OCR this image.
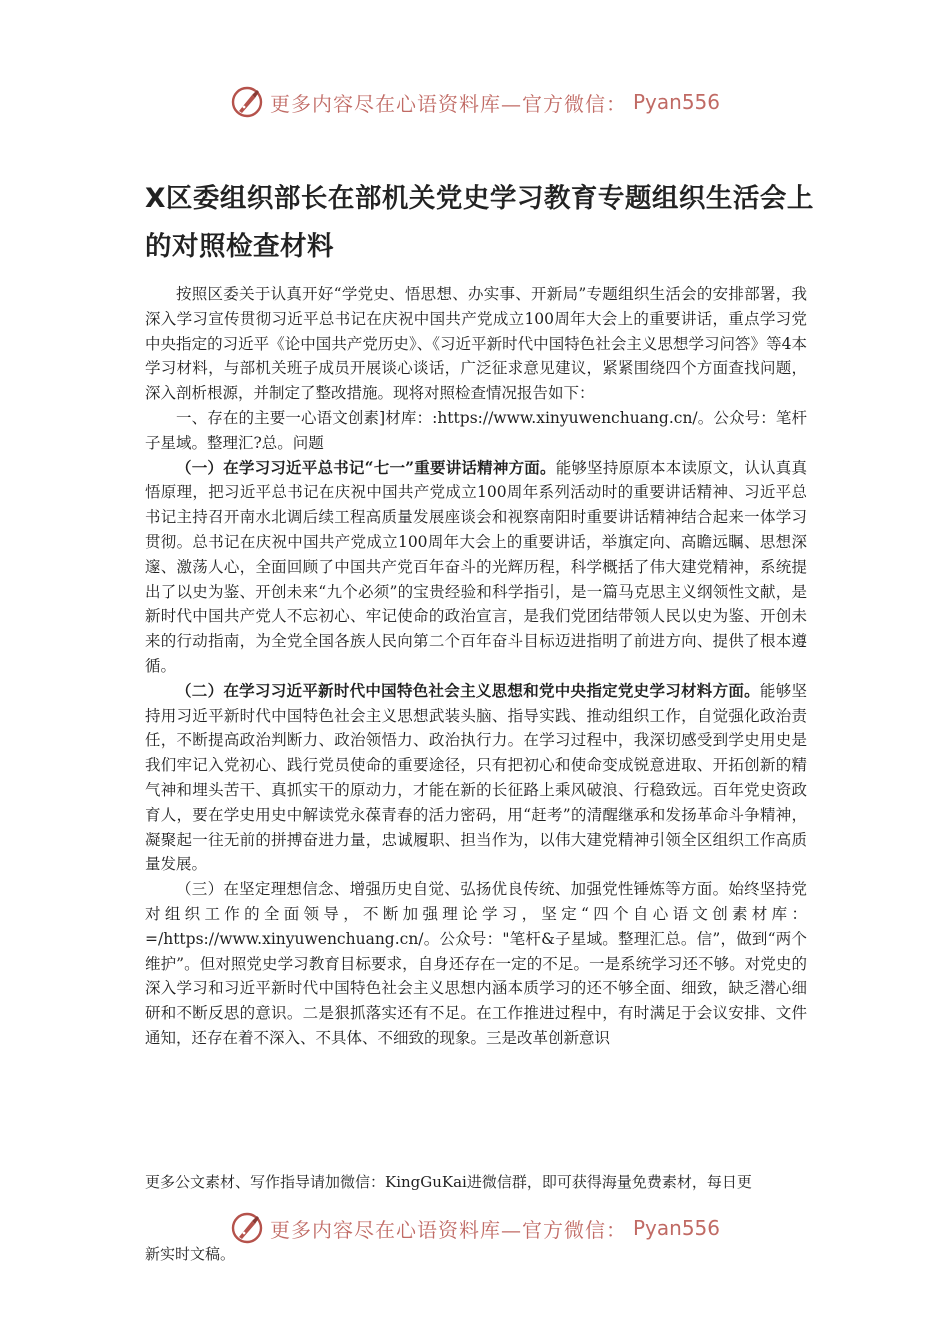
更多内容尽在心语资料库—官方微信： Pyan556
X区委组织部长在部机关党史学习教育专题组织生活会上的对照检查材料

按照区委关于认真开好“学党史、悟思想、办实事、开新局”专题组织生活会的安排部署，我深入学习宣传贯彻习近平总书记在庆祝中国共产党成立100周年大会上的重要讲话，重点学习党中央指定的习近平《论中国共产党历史》、《习近平新时代中国特色社会主义思想学习问答》等4本学习材料，与部机关班子成员开展谈心谈话，广泛征求意见建议，紧紧围绕四个方面查找问题，深入剖析根源，并制定了整改措施。现将对照检查情况报告如下：

一、存在的主要一心语文创素]材库：:https://www.xinyuwenchuang.cn/。公众号：笔杆子星域。整理汇?总。问题

（一）在学习习近平总书记“七一”重要讲话精神方面。能够坚持原原本本读原文，认认真真悟原理，把习近平总书记在庆祝中国共产党成立100周年系列活动时的重要讲话精神、习近平总书记主持召开南水北调后续工程高质量发展座谈会和视察南阳时重要讲话精神结合起来一体学习贯彻。总书记在庆祝中国共产党成立100周年大会上的重要讲话，举旗定向、高瞻远瞩、思想深邃、激荡人心，全面回顾了中国共产党百年奋斗的光辉历程，科学概括了伟大建党精神，系统提出了以史为鉴、开创未来“九个必须”的宝贵经验和科学指引，是一篇马克思主义纲领性文献，是新时代中国共产党人不忘初心、牢记使命的政治宣言，是我们党团结带领人民以史为鉴、开创未来的行动指南，为全党全国各族人民向第二个百年奋斗目标迈进指明了前进方向、提供了根本遵循。

（二）在学习习近平新时代中国特色社会主义思想和党中央指定党史学习材料方面。能够坚持用习近平新时代中国特色社会主义思想武装头脑、指导实践、推动组织工作，自觉强化政治责任，不断提高政治判断力、政治领悟力、政治执行力。在学习过程中，我深切感受到学史用史是我们牢记入党初心、践行党员使命的重要途径，只有把初心和使命变成锐意进取、开拓创新的精气神和埋头苦干、真抓实干的原动力，才能在新的长征路上乘风破浪、行稳致远。百年党史资政育人，要在学史用史中解读党永葆青春的活力密码，用“赶考”的清醒继承和发扬革命斗争精神，凝聚起一往无前的拼搏奋进力量，忠诚履职、担当作为，以伟大建党精神引领全区组织工作高质量发展。

（三）在坚定理想信念、增强历史自觉、弘扬优良传统、加强党性锤炼等方面。始终坚持党对组织工作的全面领导，不断加强理论学习，坚定“四个自心语文创素材库：=/https://www.xinyuwenchuang.cn/。公众号："笔杆&子星域。整理汇总。信”，做到“两个维护”。但对照党史学习教育目标要求，自身还存在一定的不足。一是系统学习还不够。对党史的深入学习和习近平新时代中国特色社会主义思想内涵本质学习的还不够全面、细致，缺乏潜心细研和不断反思的意识。二是狠抓落实还有不足。在工作推进过程中，有时满足于会议安排、文件通知，还存在着不深入、不具体、不细致的现象。三是改革创新意识

更多公文素材、写作指导请加微信：KingGuKai进微信群，即可获得海量免费素材，每日更
更多内容尽在心语资料库—官方微信： Pyan556
新实时文稿。
